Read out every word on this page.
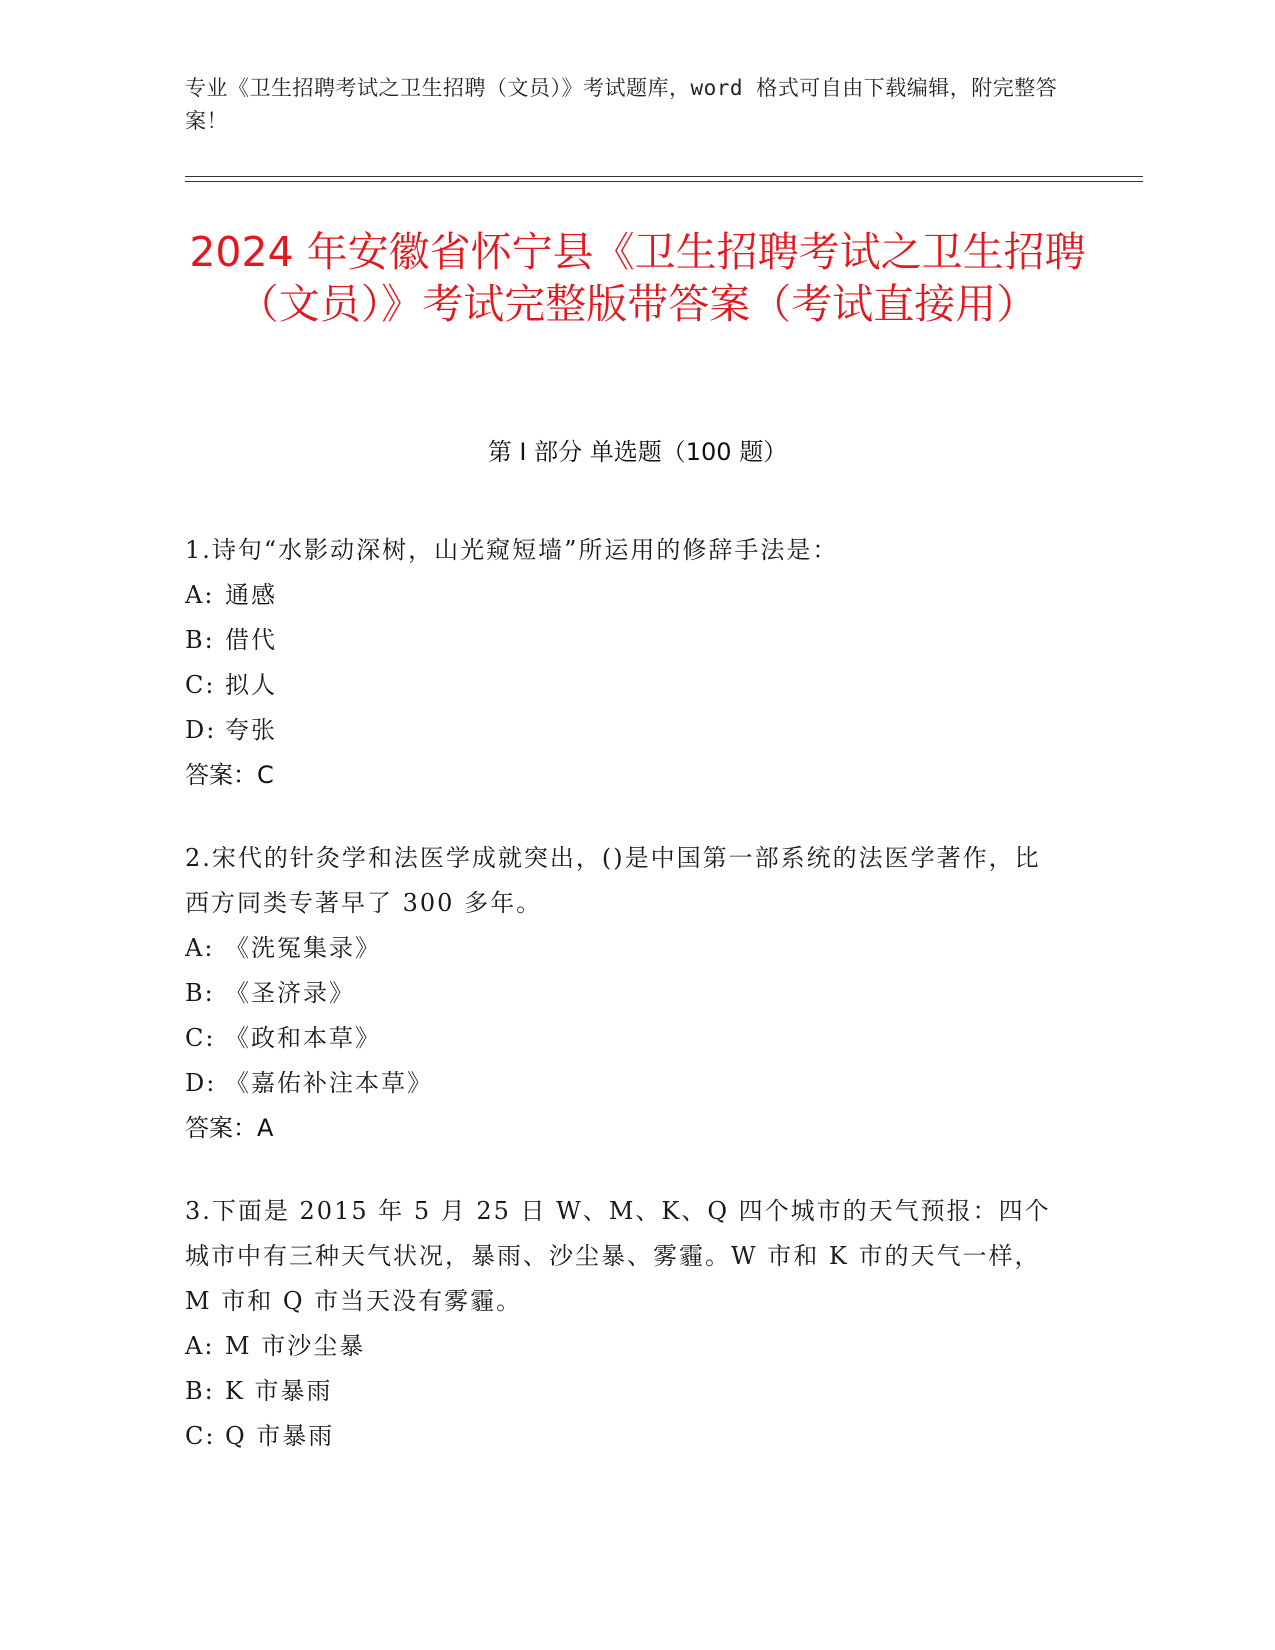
专业《卫生招聘考试之卫生招聘（文员）》考试题库，word 格式可自由下载编辑，附完整答案！
2024 年安徽省怀宁县《卫生招聘考试之卫生招聘（文员）》考试完整版带答案（考试直接用）
第 I 部分 单选题（100 题）
1.诗句“水影动深树，山光窥短墙”所运用的修辞手法是：
A: 通感
B: 借代
C: 拟人
D: 夸张
答案：C
2.宋代的针灸学和法医学成就突出，()是中国第一部系统的法医学著作，比西方同类专著早了 300 多年。
A: 《洗冤集录》
B: 《圣济录》
C: 《政和本草》
D: 《嘉佑补注本草》
答案：A
3.下面是 2015 年 5 月 25 日 W、M、K、Q 四个城市的天气预报：四个城市中有三种天气状况，暴雨、沙尘暴、雾霾。W 市和 K 市的天气一样，M 市和 Q 市当天没有雾霾。
A: M 市沙尘暴
B: K 市暴雨
C: Q 市暴雨
